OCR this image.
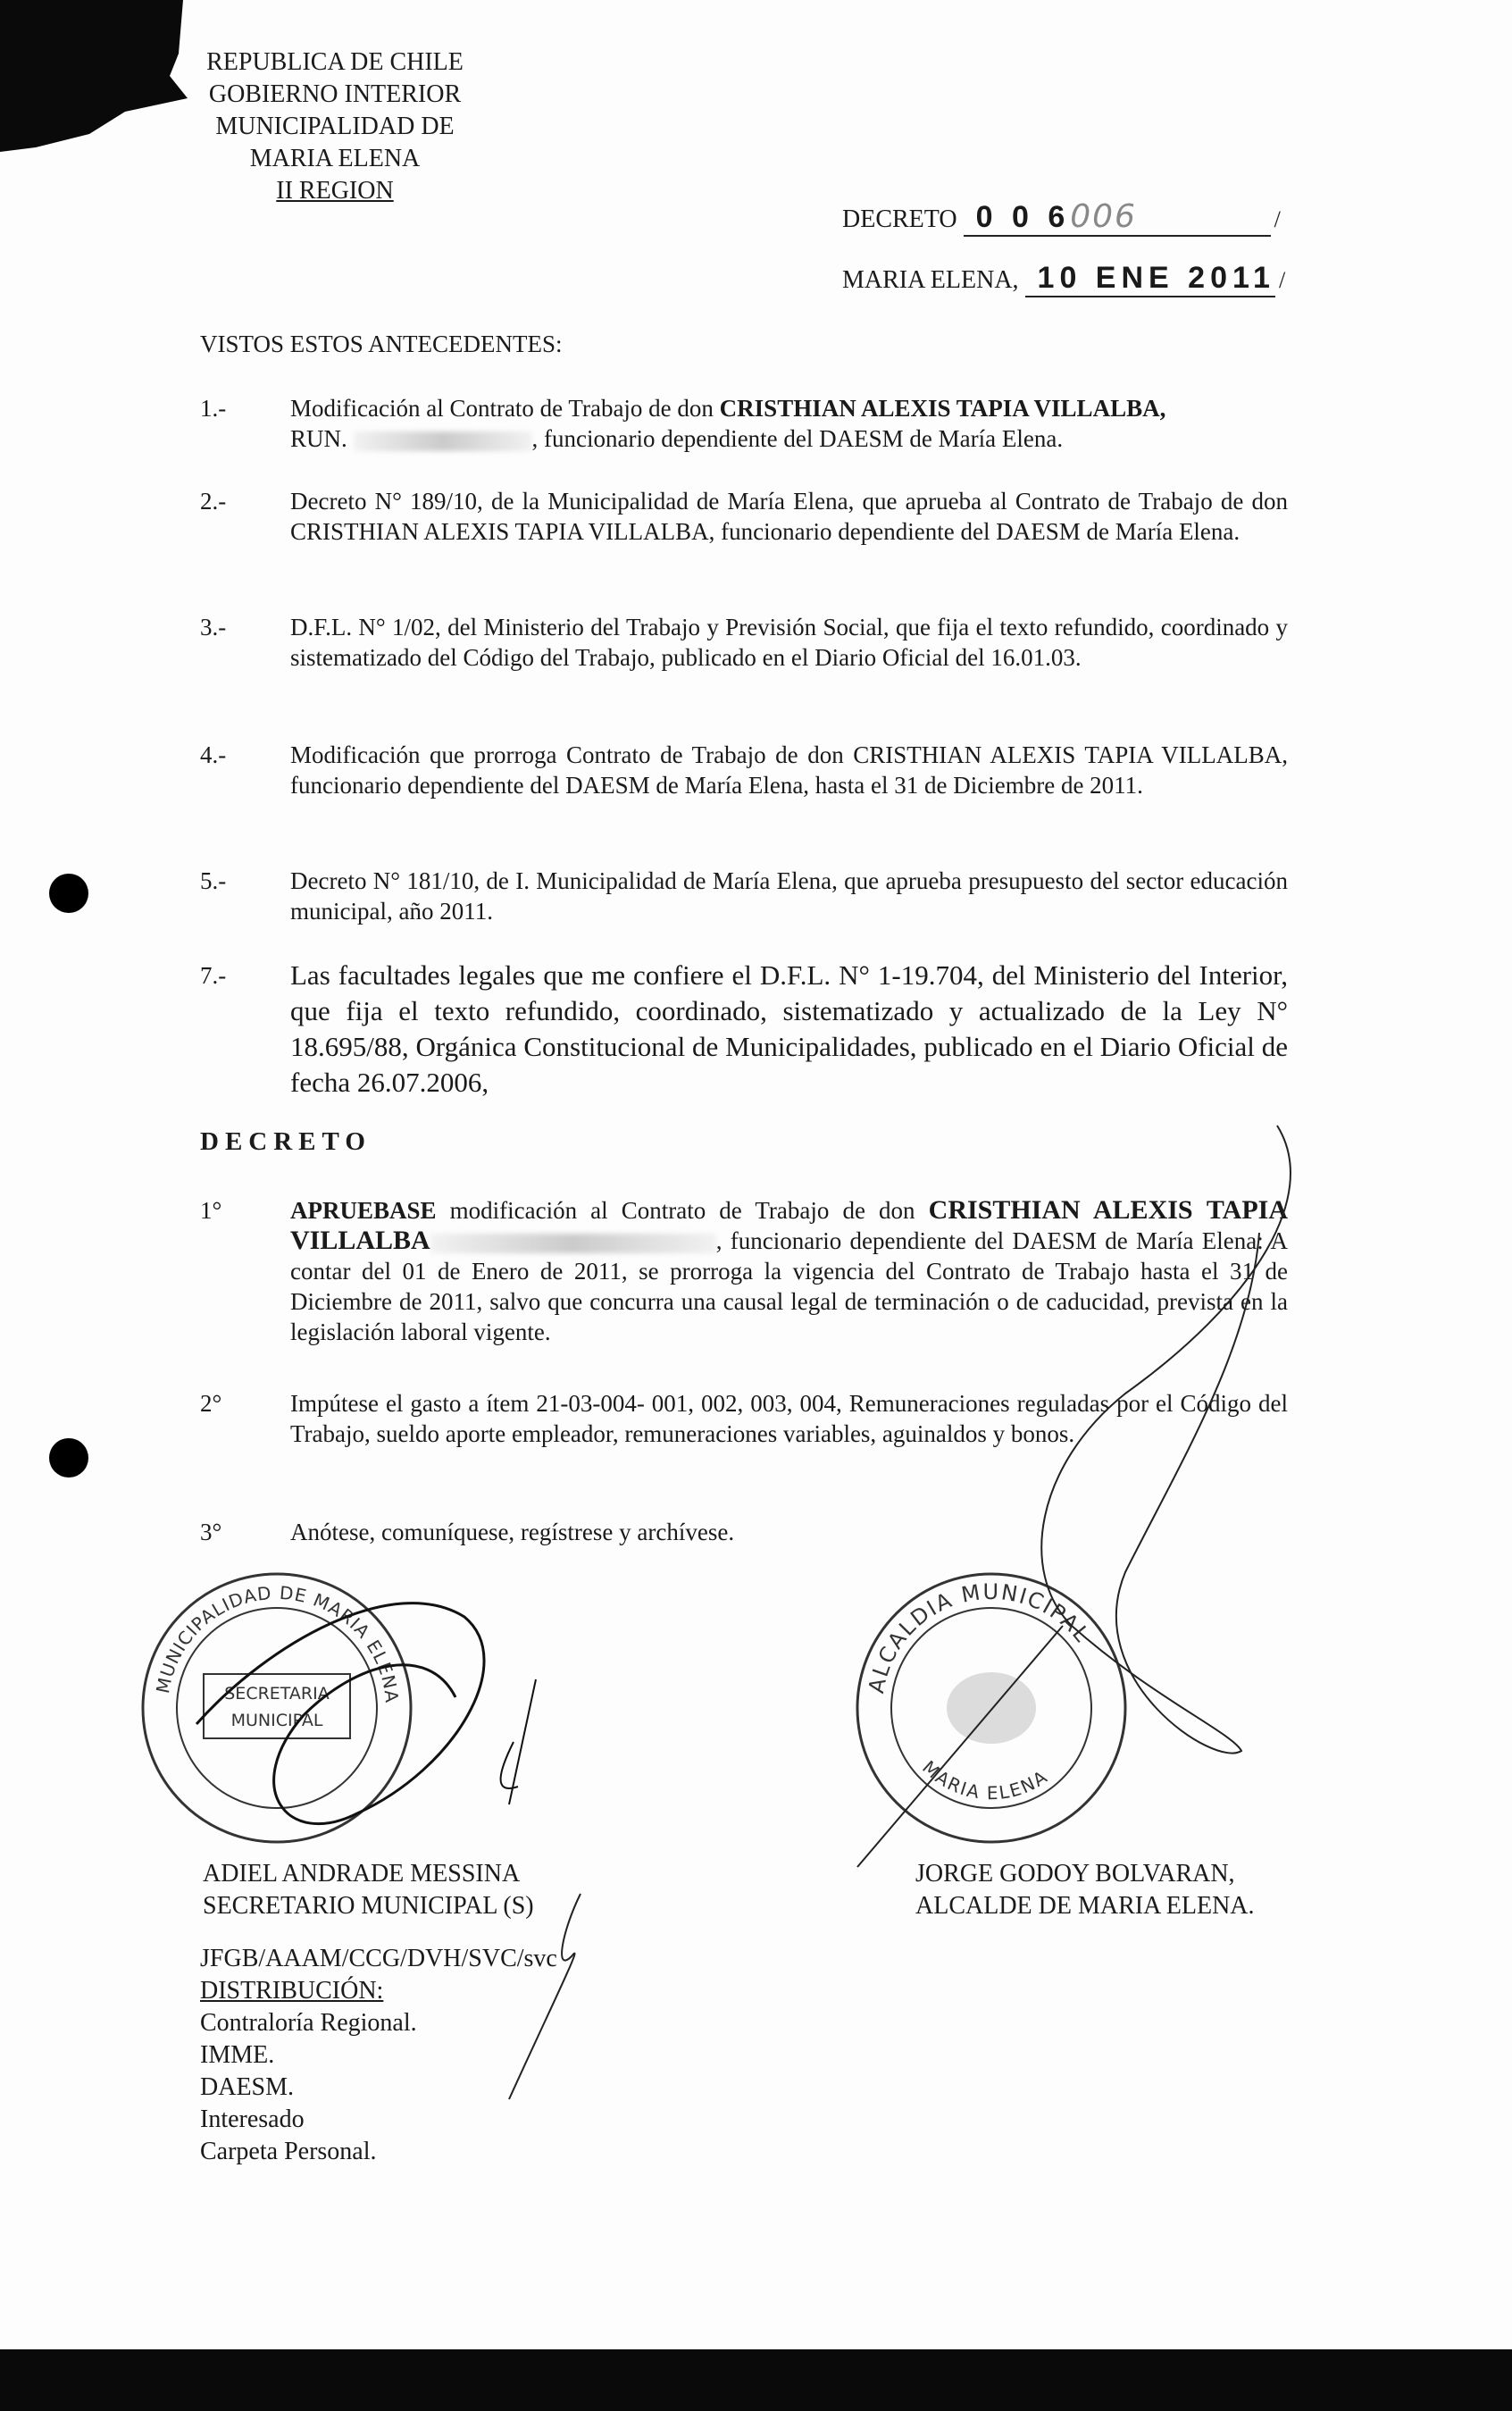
REPUBLICA DE CHILE
GOBIERNO INTERIOR
MUNICIPALIDAD DE
MARIA ELENA
II REGION
DECRETO 0 0 6006	/
MARIA ELENA, 10 ENE 2011 /
VISTOS ESTOS ANTECEDENTES:
1.-	Modificación al Contrato de Trabajo de don CRISTHIAN ALEXIS TAPIA VILLALBA,
RUN.	, funcionario dependiente del DAESM de María Elena.
2.-	Decreto N° 189/10, de la Municipalidad de María Elena, que aprueba al Contrato de Trabajo de don CRISTHIAN ALEXIS TAPIA VILLALBA, funcionario dependiente del DAESM de María Elena.
3.-	D.F.L. N° 1/02, del Ministerio del Trabajo y Previsión Social, que fija el texto refundido, coordinado y sistematizado del Código del Trabajo, publicado en el Diario Oficial del 16.01.03.
4.-	Modificación que prorroga Contrato de Trabajo de don CRISTHIAN ALEXIS TAPIA VILLALBA, funcionario dependiente del DAESM de María Elena, hasta el 31 de Diciembre de 2011.
5.-	Decreto N° 181/10, de I. Municipalidad de María Elena, que aprueba presupuesto del sector educación municipal, año 2011.
7.- Las facultades legales que me confiere el D.F.L. N° 1-19.704, del Ministerio del Interior, que fija el texto refundido, coordinado, sistematizado y actualizado de la Ley N° 18.695/88, Orgánica Constitucional de Municipalidades, publicado en el Diario Oficial de fecha 26.07.2006,
DECRETO
1°	APRUEBASE modificación al Contrato de Trabajo de don CRISTHIAN ALEXIS TAPIA VILLALBA	, funcionario dependiente del DAESM de María Elena: A contar del 01 de Enero de 2011, se prorroga la vigencia del Contrato de Trabajo hasta el 31 de Diciembre de 2011, salvo que concurra una causal legal de terminación o de caducidad, prevista en la legislación laboral vigente.
2°	Impútese el gasto a ítem 21-03-004- 001, 002, 003, 004, Remuneraciones reguladas por el Código del Trabajo, sueldo aporte empleador, remuneraciones variables, aguinaldos y bonos.
3°	Anótese, comuníquese, regístrese y archívese.
MUNICIPALIDAD DE MARIA ELENA
SECRETARIA
MUNICIPAL
ADIEL ANDRADE MESSINA
SECRETARIO MUNICIPAL (S)
ALCALDIA MUNICIPAL
MARIA ELENA
JORGE GODOY BOLVARAN,
ALCALDE DE MARIA ELENA.
JFGB/AAAM/CCG/DVH/SVC/svc
DISTRIBUCIÓN:
Contraloría Regional.
IMME.
DAESM.
Interesado
Carpeta Personal.
